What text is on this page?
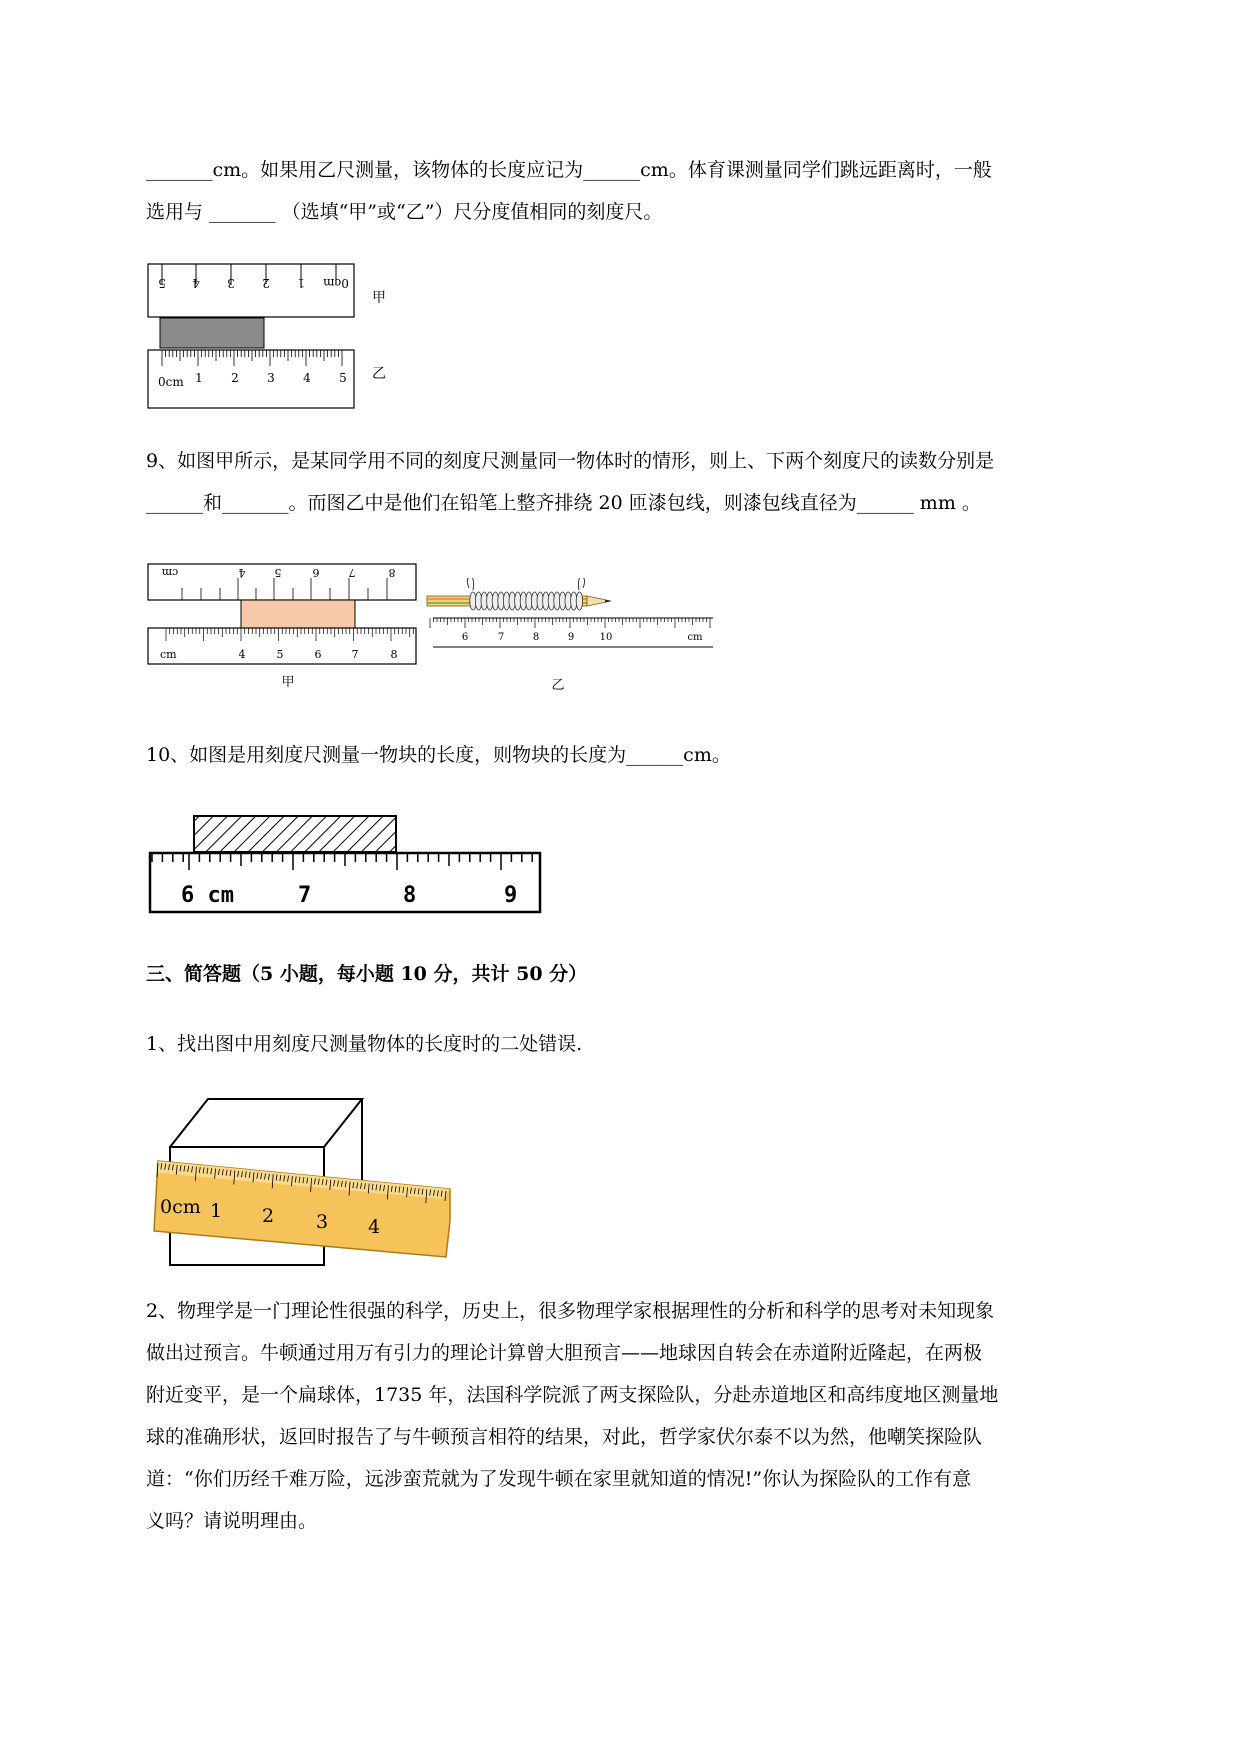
_______cm。如果用乙尺测量，该物体的长度应记为______cm。体育课测量同学们跳远距离时，一般
选用与 _______ （选填“甲”或“乙”）尺分度值相同的刻度尺。
5 4 3 2 1 0cm
甲
0cm 1 2 3 4 5 乙
9、如图甲所示，是某同学用不同的刻度尺测量同一物体时的情形，则上、下两个刻度尺的读数分别是
______和_______。而图乙中是他们在铅笔上整齐排绕 20 匝漆包线，则漆包线直径为______ mm 。
cm	4	5	6	7	8
cm	4	5	6	7	8
甲
6	7	8	9	10	cm
乙
10、如图是用刻度尺测量一物块的长度，则物块的长度为______cm。
6 cm	7	8	9
三、简答题（5 小题，每小题 10 分，共计 50 分）
1、找出图中用刻度尺测量物体的长度时的二处错误.
0cm 1 2 3 4
2、物理学是一门理论性很强的科学，历史上，很多物理学家根据理性的分析和科学的思考对未知现象
做出过预言。牛顿通过用万有引力的理论计算曾大胆预言——地球因自转会在赤道附近隆起，在两极
附近变平，是一个扁球体，1735 年，法国科学院派了两支探险队，分赴赤道地区和高纬度地区测量地
球的准确形状，返回时报告了与牛顿预言相符的结果，对此，哲学家伏尔泰不以为然，他嘲笑探险队
道：“你们历经千难万险，远涉蛮荒就为了发现牛顿在家里就知道的情况!”你认为探险队的工作有意
义吗？请说明理由。
